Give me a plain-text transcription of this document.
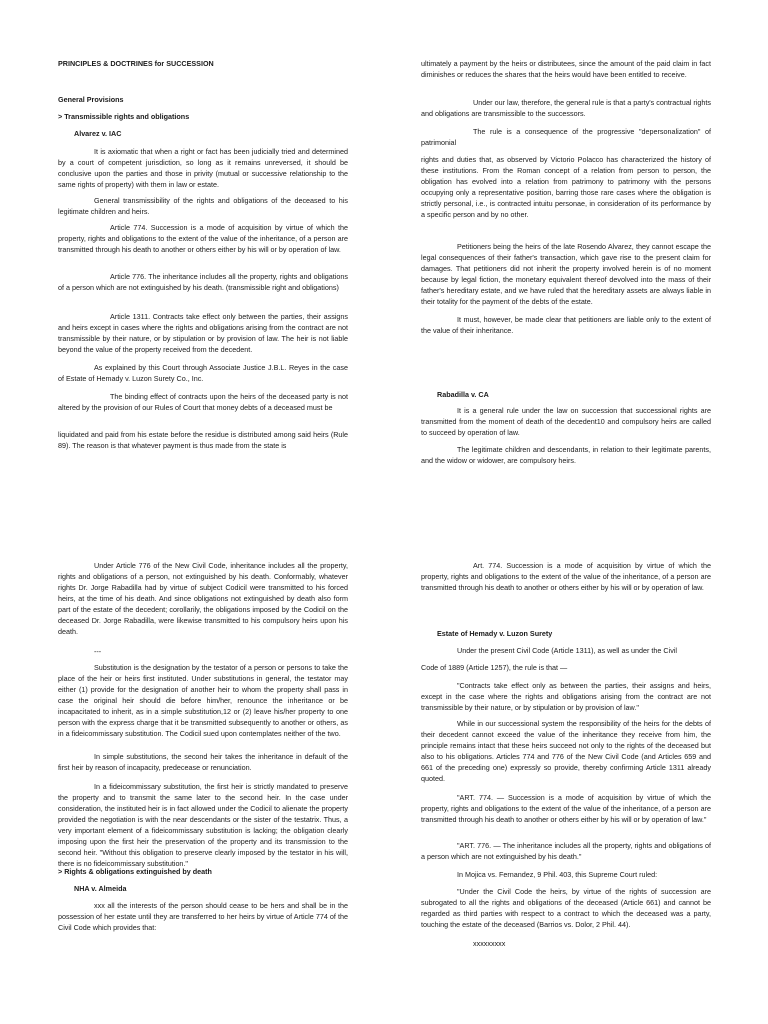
PRINCIPLES & DOCTRINES for SUCCESSION

General Provisions

> Transmissible rights and obligations

Alvarez v. IAC

It is axiomatic that when a right or fact has been judicially tried and determined by a court of competent jurisdiction, so long as it remains unreversed, it should be conclusive upon the parties and those in privity (mutual or successive relationship to the same rights of property) with them in law or estate.

General transmissibility of the rights and obligations of the deceased to his legitimate children and heirs.

Article 774. Succession is a mode of acquisition by virtue of which the property, rights and obligations to the extent of the value of the inheritance, of a person are transmitted through his death to another or others either by his will or by operation of law.

Article 776. The inheritance includes all the property, rights and obligations of a person which are not extinguished by his death. (transmissible right and obligations)

Article 1311. Contracts take effect only between the parties, their assigns and heirs except in cases where the rights and obligations arising from the contract are not transmissible by their nature, or by stipulation or by provision of law. The heir is not liable beyond the value of the property received from the decedent.

As explained by this Court through Associate Justice J.B.L. Reyes in the case of Estate of Hemady v. Luzon Surety Co., Inc.

The binding effect of contracts upon the heirs of the deceased party is not altered by the provision of our Rules of Court that money debts of a deceased must be

liquidated and paid from his estate before the residue is distributed among said heirs (Rule 89). The reason is that whatever payment is thus made from the state is

ultimately a payment by the heirs or distributees, since the amount of the paid claim in fact diminishes or reduces the shares that the heirs would have been entitled to receive.

Under our law, therefore, the general rule is that a party's contractual rights and obligations are transmissible to the successors.

The rule is a consequence of the progressive "depersonalization" of patrimonial

rights and duties that, as observed by Victorio Polacco has characterized the history of these institutions. From the Roman concept of a relation from person to person, the obligation has evolved into a relation from patrimony to patrimony with the persons occupying only a representative position, barring those rare cases where the obligation is strictly personal, i.e., is contracted intuitu personae, in consideration of its performance by a specific person and by no other.

Petitioners being the heirs of the late Rosendo Alvarez, they cannot escape the legal consequences of their father's transaction, which gave rise to the present claim for damages. That petitioners did not inherit the property involved herein is of no moment because by legal fiction, the monetary equivalent thereof devolved into the mass of their father's hereditary estate, and we have ruled that the hereditary assets are always liable in their totality for the payment of the debts of the estate.

It must, however, be made clear that petitioners are liable only to the extent of the value of their inheritance.

Rabadilla v. CA

It is a general rule under the law on succession that successional rights are transmitted from the moment of death of the decedent10 and compulsory heirs are called to succeed by operation of law.

The legitimate children and descendants, in relation to their legitimate parents, and the widow or widower, are compulsory heirs.

Under Article 776 of the New Civil Code, inheritance includes all the property, rights and obligations of a person, not extinguished by his death. Conformably, whatever rights Dr. Jorge Rabadilla had by virtue of subject Codicil were transmitted to his forced heirs, at the time of his death. And since obligations not extinguished by death also form part of the estate of the decedent; corollarily, the obligations imposed by the Codicil on the deceased Dr. Jorge Rabadilla, were likewise transmitted to his compulsory heirs upon his death.

---

Substitution is the designation by the testator of a person or persons to take the place of the heir or heirs first instituted. Under substitutions in general, the testator may either (1) provide for the designation of another heir to whom the property shall pass in case the original heir should die before him/her, renounce the inheritance or be incapacitated to inherit, as in a simple substitution,12 or (2) leave his/her property to one person with the express charge that it be transmitted subsequently to another or others, as in a fideicommissary substitution. The Codicil sued upon contemplates neither of the two.

In simple substitutions, the second heir takes the inheritance in default of the first heir by reason of incapacity, predecease or renunciation.

In a fideicommissary substitution, the first heir is strictly mandated to preserve the property and to transmit the same later to the second heir. In the case under consideration, the instituted heir is in fact allowed under the Codicil to alienate the property provided the negotiation is with the near descendants or the sister of the testatrix. Thus, a very important element of a fideicommissary substitution is lacking; the obligation clearly imposing upon the first heir the preservation of the property and its transmission to the second heir. "Without this obligation to preserve clearly imposed by the testator in his will, there is no fideicommissary substitution."

> Rights & obligations extinguished by death

NHA v. Almeida

xxx all the interests of the person should cease to be hers and shall be in the possession of her estate until they are transferred to her heirs by virtue of Article 774 of the Civil Code which provides that:

Art. 774. Succession is a mode of acquisition by virtue of which the property, rights and obligations to the extent of the value of the inheritance, of a person are transmitted through his death to another or others either by his will or by operation of law.

Estate of Hemady v. Luzon Surety

Under the present Civil Code (Article 1311), as well as under the Civil

Code of 1889 (Article 1257), the rule is that —

"Contracts take effect only as between the parties, their assigns and heirs, except in the case where the rights and obligations arising from the contract are not transmissible by their nature, or by stipulation or by provision of law."

While in our successional system the responsibility of the heirs for the debts of their decedent cannot exceed the value of the inheritance they receive from him, the principle remains intact that these heirs succeed not only to the rights of the deceased but also to his obligations. Articles 774 and 776 of the New Civil Code (and Articles 659 and 661 of the preceding one) expressly so provide, thereby confirming Article 1311 already quoted.

"ART. 774. — Succession is a mode of acquisition by virtue of which the property, rights and obligations to the extent of the value of the inheritance, of a person are transmitted through his death to another or others either by his will or by operation of law."

"ART. 776. — The inheritance includes all the property, rights and obligations of a person which are not extinguished by his death."

In Mojica vs. Fernandez, 9 Phil. 403, this Supreme Court ruled:

"Under the Civil Code the heirs, by virtue of the rights of succession are subrogated to all the rights and obligations of the deceased (Article 661) and cannot be regarded as third parties with respect to a contract to which the deceased was a party, touching the estate of the deceased (Barrios vs. Dolor, 2 Phil. 44).

xxxxxxxxx
